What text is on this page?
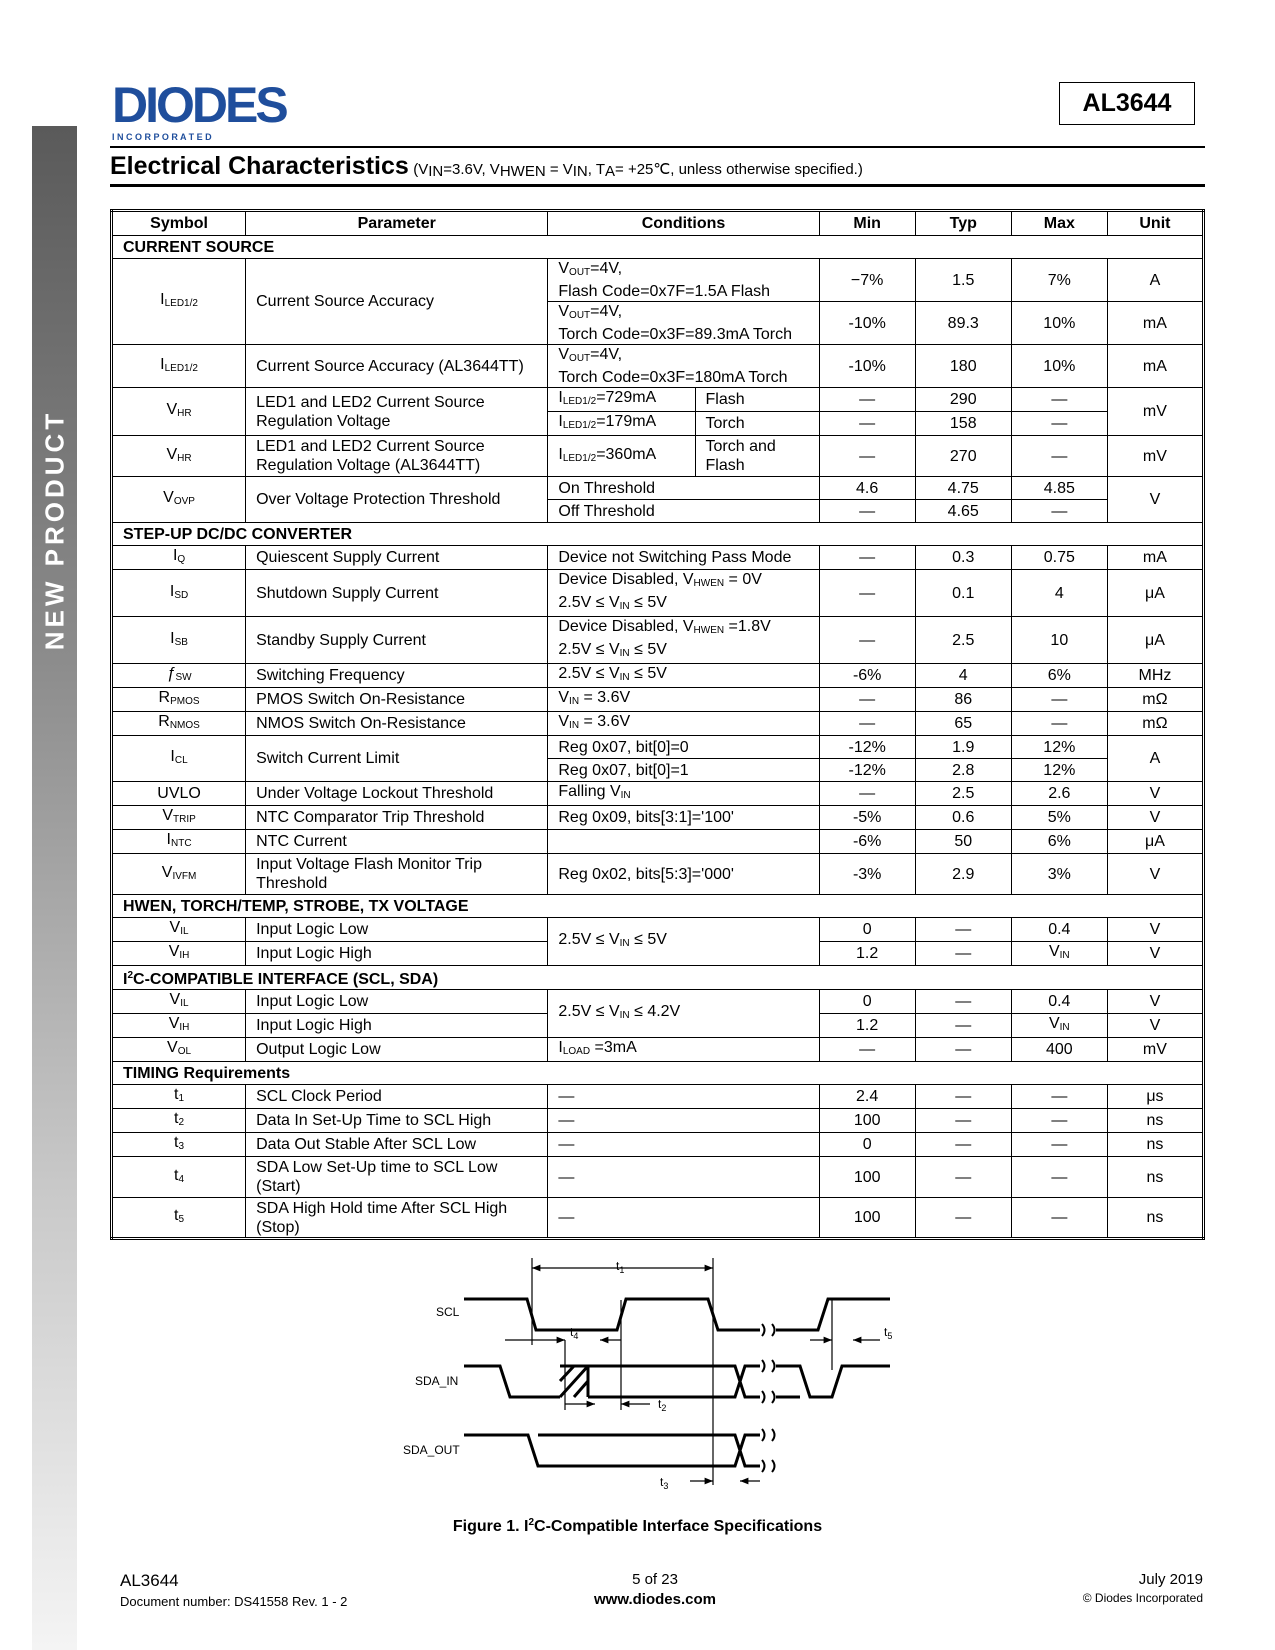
NEW PRODUCT
DIODES
I N C O R P O R A T E D
AL3644
Electrical Characteristics (VIN=3.6V, VHWEN = VIN, TA= +25℃, unless otherwise specified.)
Symbol	Parameter	Conditions		Min	Typ	Max	Unit
CURRENT SOURCE							
$I_{LED1/2}$	Current Source Accuracy	$V_{OUT}=4V$,
Flash Code=0x7F=1.5A Flash		−7%	1.5	7%	A
		$V_{OUT}=4V$,
Torch Code=0x3F=89.3mA Torch		-10%	89.3	10%	mA
$I_{LED1/2}$	Current Source Accuracy (AL3644TT)	$V_{OUT}=4V$,
Torch Code=0x3F=180mA Torch		-10%	180	10%	mA
$V_{HR}$	LED1 and LED2 Current Source
Regulation Voltage	$I_{LED1/2}=729mA$	Flash	—	290	—	mV
		$I_{LED1/2}=179mA$	Torch	—	158	—	
$V_{HR}$	LED1 and LED2 Current Source
Regulation Voltage (AL3644TT)	$I_{LED1/2}=360mA$	Torch and
Flash	—	270	—	mV
$V_{OVP}$	Over Voltage Protection Threshold	On Threshold		4.6	4.75	4.85	V
		Off Threshold		—	4.65	—	
STEP-UP DC/DC CONVERTER							
$I_Q$	Quiescent Supply Current	Device not Switching Pass Mode		—	0.3	0.75	mA
$I_{SD}$	Shutdown Supply Current	Device Disabled, $V_{HWEN} = 0V$
$2.5V \le V_{IN} \le 5V$		—	0.1	4	μA
$I_{SB}$	Standby Supply Current	Device Disabled, $V_{HWEN} =1.8V$
$2.5V \le V_{IN} \le 5V$		—	2.5	10	μA
$ƒ_{SW}$	Switching Frequency	$2.5V \le V_{IN} \le 5V$		-6%	4	6%	MHz
$R_{PMOS}$	PMOS Switch On-Resistance	$V_{IN} = 3.6V$		—	86	—	mΩ
$R_{NMOS}$	NMOS Switch On-Resistance	$V_{IN} = 3.6V$		—	65	—	mΩ
$I_{CL}$	Switch Current Limit	Reg 0x07, bit[0]=0		-12%	1.9	12%	A
		Reg 0x07, bit[0]=1		-12%	2.8	12%	
UVLO	Under Voltage Lockout Threshold	Falling $V_{IN}$		—	2.5	2.6	V
$V_{TRIP}$	NTC Comparator Trip Threshold	Reg 0x09, bits[3:1]='100'		-5%	0.6	5%	V
$I_{NTC}$	NTC Current			-6%	50	6%	μA
$V_{IVFM}$	Input Voltage Flash Monitor Trip
Threshold	Reg 0x02, bits[5:3]='000'		-3%	2.9	3%	V
HWEN, TORCH/TEMP, STROBE, TX VOLTAGE							
$V_{IL}$	Input Logic Low	$2.5V \le V_{IN} \le 5V$		0	—	0.4	V
$V_{IH}$	Input Logic High			1.2	—	$V_{IN}$	V
$I^2C$-COMPATIBLE INTERFACE (SCL, SDA)							
$V_{IL}$	Input Logic Low	$2.5V \le V_{IN} \le 4.2V$		0	—	0.4	V
$V_{IH}$	Input Logic High			1.2	—	$V_{IN}$	V
$V_{OL}$	Output Logic Low	$I_{LOAD} =3mA$		—	—	400	mV
TIMING Requirements							
$t_1$	SCL Clock Period	—		2.4	—	—	μs
$t_2$	Data In Set-Up Time to SCL High	—		100	—	—	ns
$t_3$	Data Out Stable After SCL Low	—		0	—	—	ns
$t_4$	SDA Low Set-Up time to SCL Low
(Start)	—		100	—	—	ns
$t_5$	SDA High Hold time After SCL High
(Stop)	—		100	—	—	ns
SCL
SDA_IN
SDA_OUT
$t_1$
$t_4$
$t_2$
$t_3$
$t_5$
Figure 1. $I^2C$-Compatible Interface Specifications
AL3644
Document number: DS41558 Rev. 1 - 2
5 of 23
www.diodes.com
July 2019
© Diodes Incorporated
